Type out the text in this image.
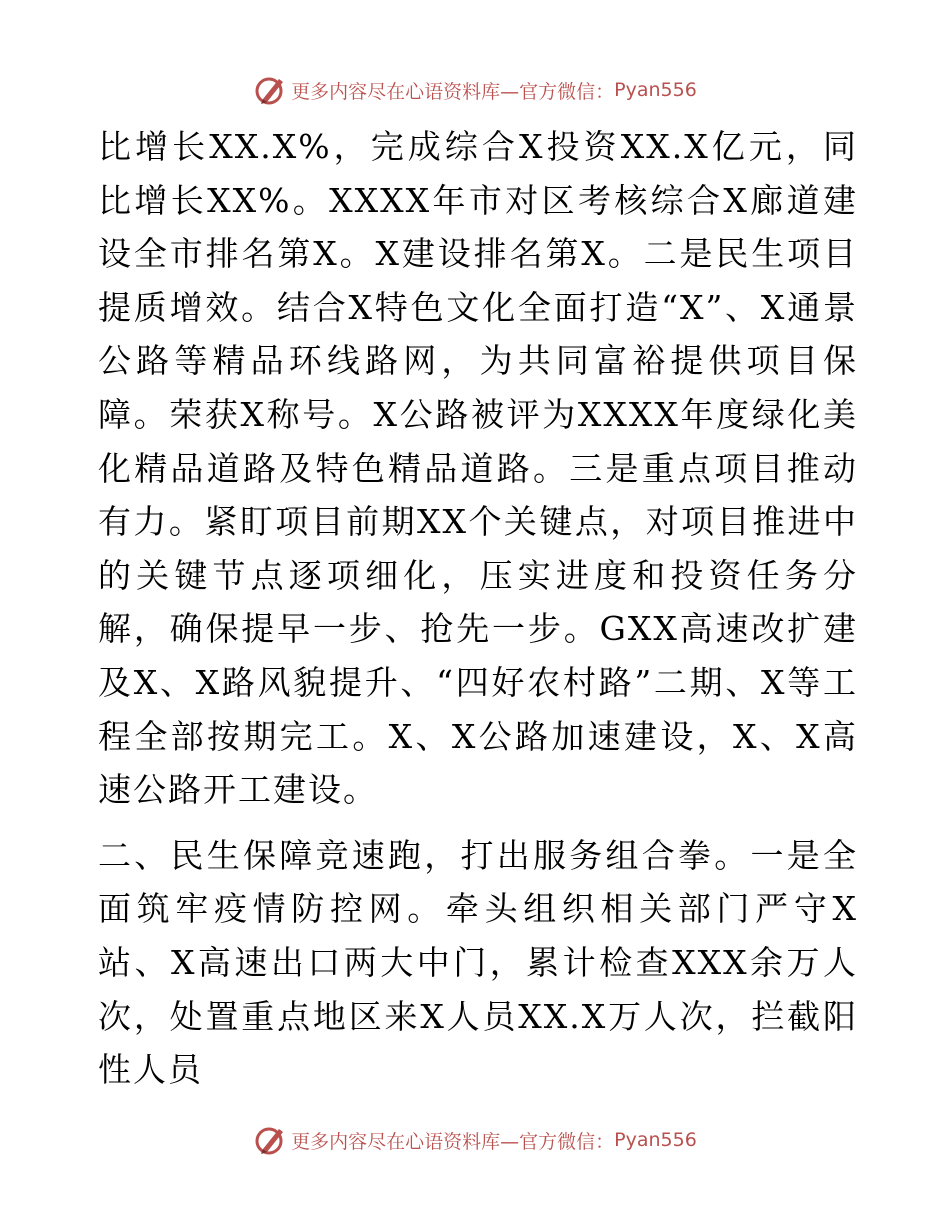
更多内容尽在心语资料库—官方微信： Pyan556

比增长XX.X%，完成综合X投资XX.X亿元，同比增长XX%。XXXX年市对区考核综合X廊道建设全市排名第X。X建设排名第X。二是民生项目提质增效。结合X特色文化全面打造“X”、X通景公路等精品环线路网，为共同富裕提供项目保障。荣获X称号。X公路被评为XXXX年度绿化美化精品道路及特色精品道路。三是重点项目推动有力。紧盯项目前期XX个关键点，对项目推进中的关键节点逐项细化，压实进度和投资任务分解，确保提早一步、抢先一步。GXX高速改扩建及X、X路风貌提升、“四好农村路”二期、X等工程全部按期完工。X、X公路加速建设，X、X高速公路开工建设。

二、民生保障竞速跑，打出服务组合拳。一是全面筑牢疫情防控网。牵头组织相关部门严守X站、X高速出口两大中门，累计检查XXX余万人次，处置重点地区来X人员XX.X万人次，拦截阳性人员

更多内容尽在心语资料库—官方微信： Pyan556
